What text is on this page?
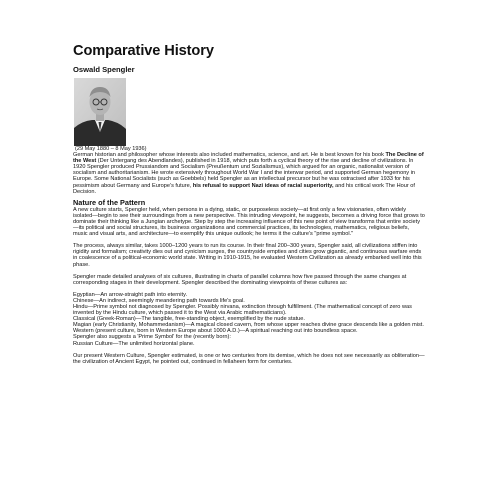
Comparative History
Oswald Spengler

(29 May 1880 – 8 May 1936)

German historian and philosopher whose interests also included mathematics, science, and art. He is best known for his book The Decline of the West (Der Untergang des Abendlandes), published in 1918, which puts forth a cyclical theory of the rise and decline of civilizations. In 1920 Spengler produced Prussiandom and Socialism (Preußentum und Sozialismus), which argued for an organic, nationalist version of socialism and authoritarianism. He wrote extensively throughout World War I and the interwar period, and supported German hegemony in Europe. Some National Socialists (such as Goebbels) held Spengler as an intellectual precursor but he was ostracised after 1933 for his pessimism about Germany and Europe's future, his refusal to support Nazi ideas of racial superiority, and his critical work The Hour of Decision.

Nature of the Pattern

A new culture starts, Spengler held, when persons in a dying, static, or purposeless society—at first only a few visionaries, often widely isolated—begin to see their surroundings from a new perspective. This intruding viewpoint, he suggests, becomes a driving force that grows to dominate their thinking like a Jungian archetype. Step by step the increasing influence of this new point of view transforms that entire society—its political and social structures, its business organizations and commercial practices, its technologies, mathematics, religious beliefs, music and visual arts, and architecture—to exemplify this unique outlook; he terms it the culture's "prime symbol."

The process, always similar, takes 1000–1200 years to run its course. In their final 200–300 years, Spengler said, all civilizations stiffen into rigidity and formalism; creativity dies out and cynicism surges, the countryside empties and cities grow gigantic, and continuous warfare ends in coalescence of a political-economic world state. Writing in 1910-1915, he evaluated Western Civilization as already embarked well into this phase.

Spengler made detailed analyses of six cultures, illustrating in charts of parallel columns how five passed through the same changes at corresponding stages in their development. Spengler described the dominating viewpoints of these cultures as:

Egyptian—An arrow-straight path into eternity.

Chinese—An indirect, seemingly meandering path towards life's goal.

Hindu—Prime symbol not diagnosed by Spengler. Possibly nirvana, extinction through fulfillment. (The mathematical concept of zero was invented by the Hindu culture, which passed it to the West via Arabic mathematicians).

Classical (Greek-Roman)—The tangible, free-standing object, exemplified by the nude statue.

Magian (early Christianity, Mohammedanism)—A magical closed cavern, from whose upper reaches divine grace descends like a golden mist.

Western (present culture, born in Western Europe about 1000 A.D.)—A spiritual reaching out into boundless space.

Spengler also suggests a 'Prime Symbol' for the (recently born):

Russian Culture—The unlimited horizontal plane.

Our present Western Culture, Spengler estimated, is one or two centuries from its demise, which he does not see necessarily as obliteration—the civilization of Ancient Egypt, he pointed out, continued in fellaheen form for centuries.
